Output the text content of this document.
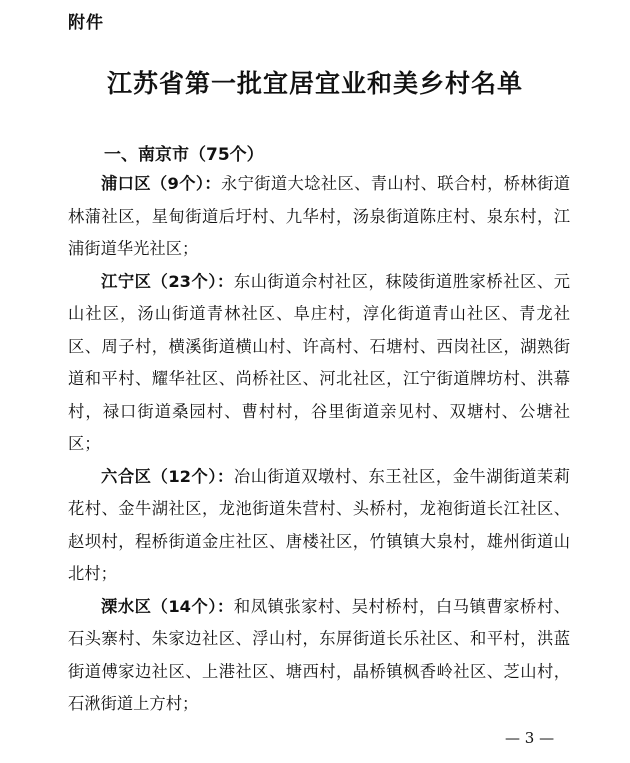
附件
江苏省第一批宜居宜业和美乡村名单
一、南京市（75个）

浦口区（9个）：永宁街道大埝社区、青山村、联合村，桥林街道林蒲社区，星甸街道后圩村、九华村，汤泉街道陈庄村、泉东村，江浦街道华光社区；

江宁区（23个）：东山街道佘村社区，秣陵街道胜家桥社区、元山社区，汤山街道青林社区、阜庄村，淳化街道青山社区、青龙社区、周子村，横溪街道横山村、许高村、石塘村、西岗社区，湖熟街道和平村、耀华社区、尚桥社区、河北社区，江宁街道牌坊村、洪幕村，禄口街道桑园村、曹村村，谷里街道亲见村、双塘村、公塘社区；

六合区（12个）：冶山街道双墩村、东王社区，金牛湖街道茉莉花村、金牛湖社区，龙池街道朱营村、头桥村，龙袍街道长江社区、赵坝村，程桥街道金庄社区、唐楼社区，竹镇镇大泉村，雄州街道山北村；

溧水区（14个）：和凤镇张家村、吴村桥村，白马镇曹家桥村、石头寨村、朱家边社区、浮山村，东屏街道长乐社区、和平村，洪蓝街道傅家边社区、上港社区、塘西村，晶桥镇枫香岭社区、芝山村，石湫街道上方村；

— 3 —
